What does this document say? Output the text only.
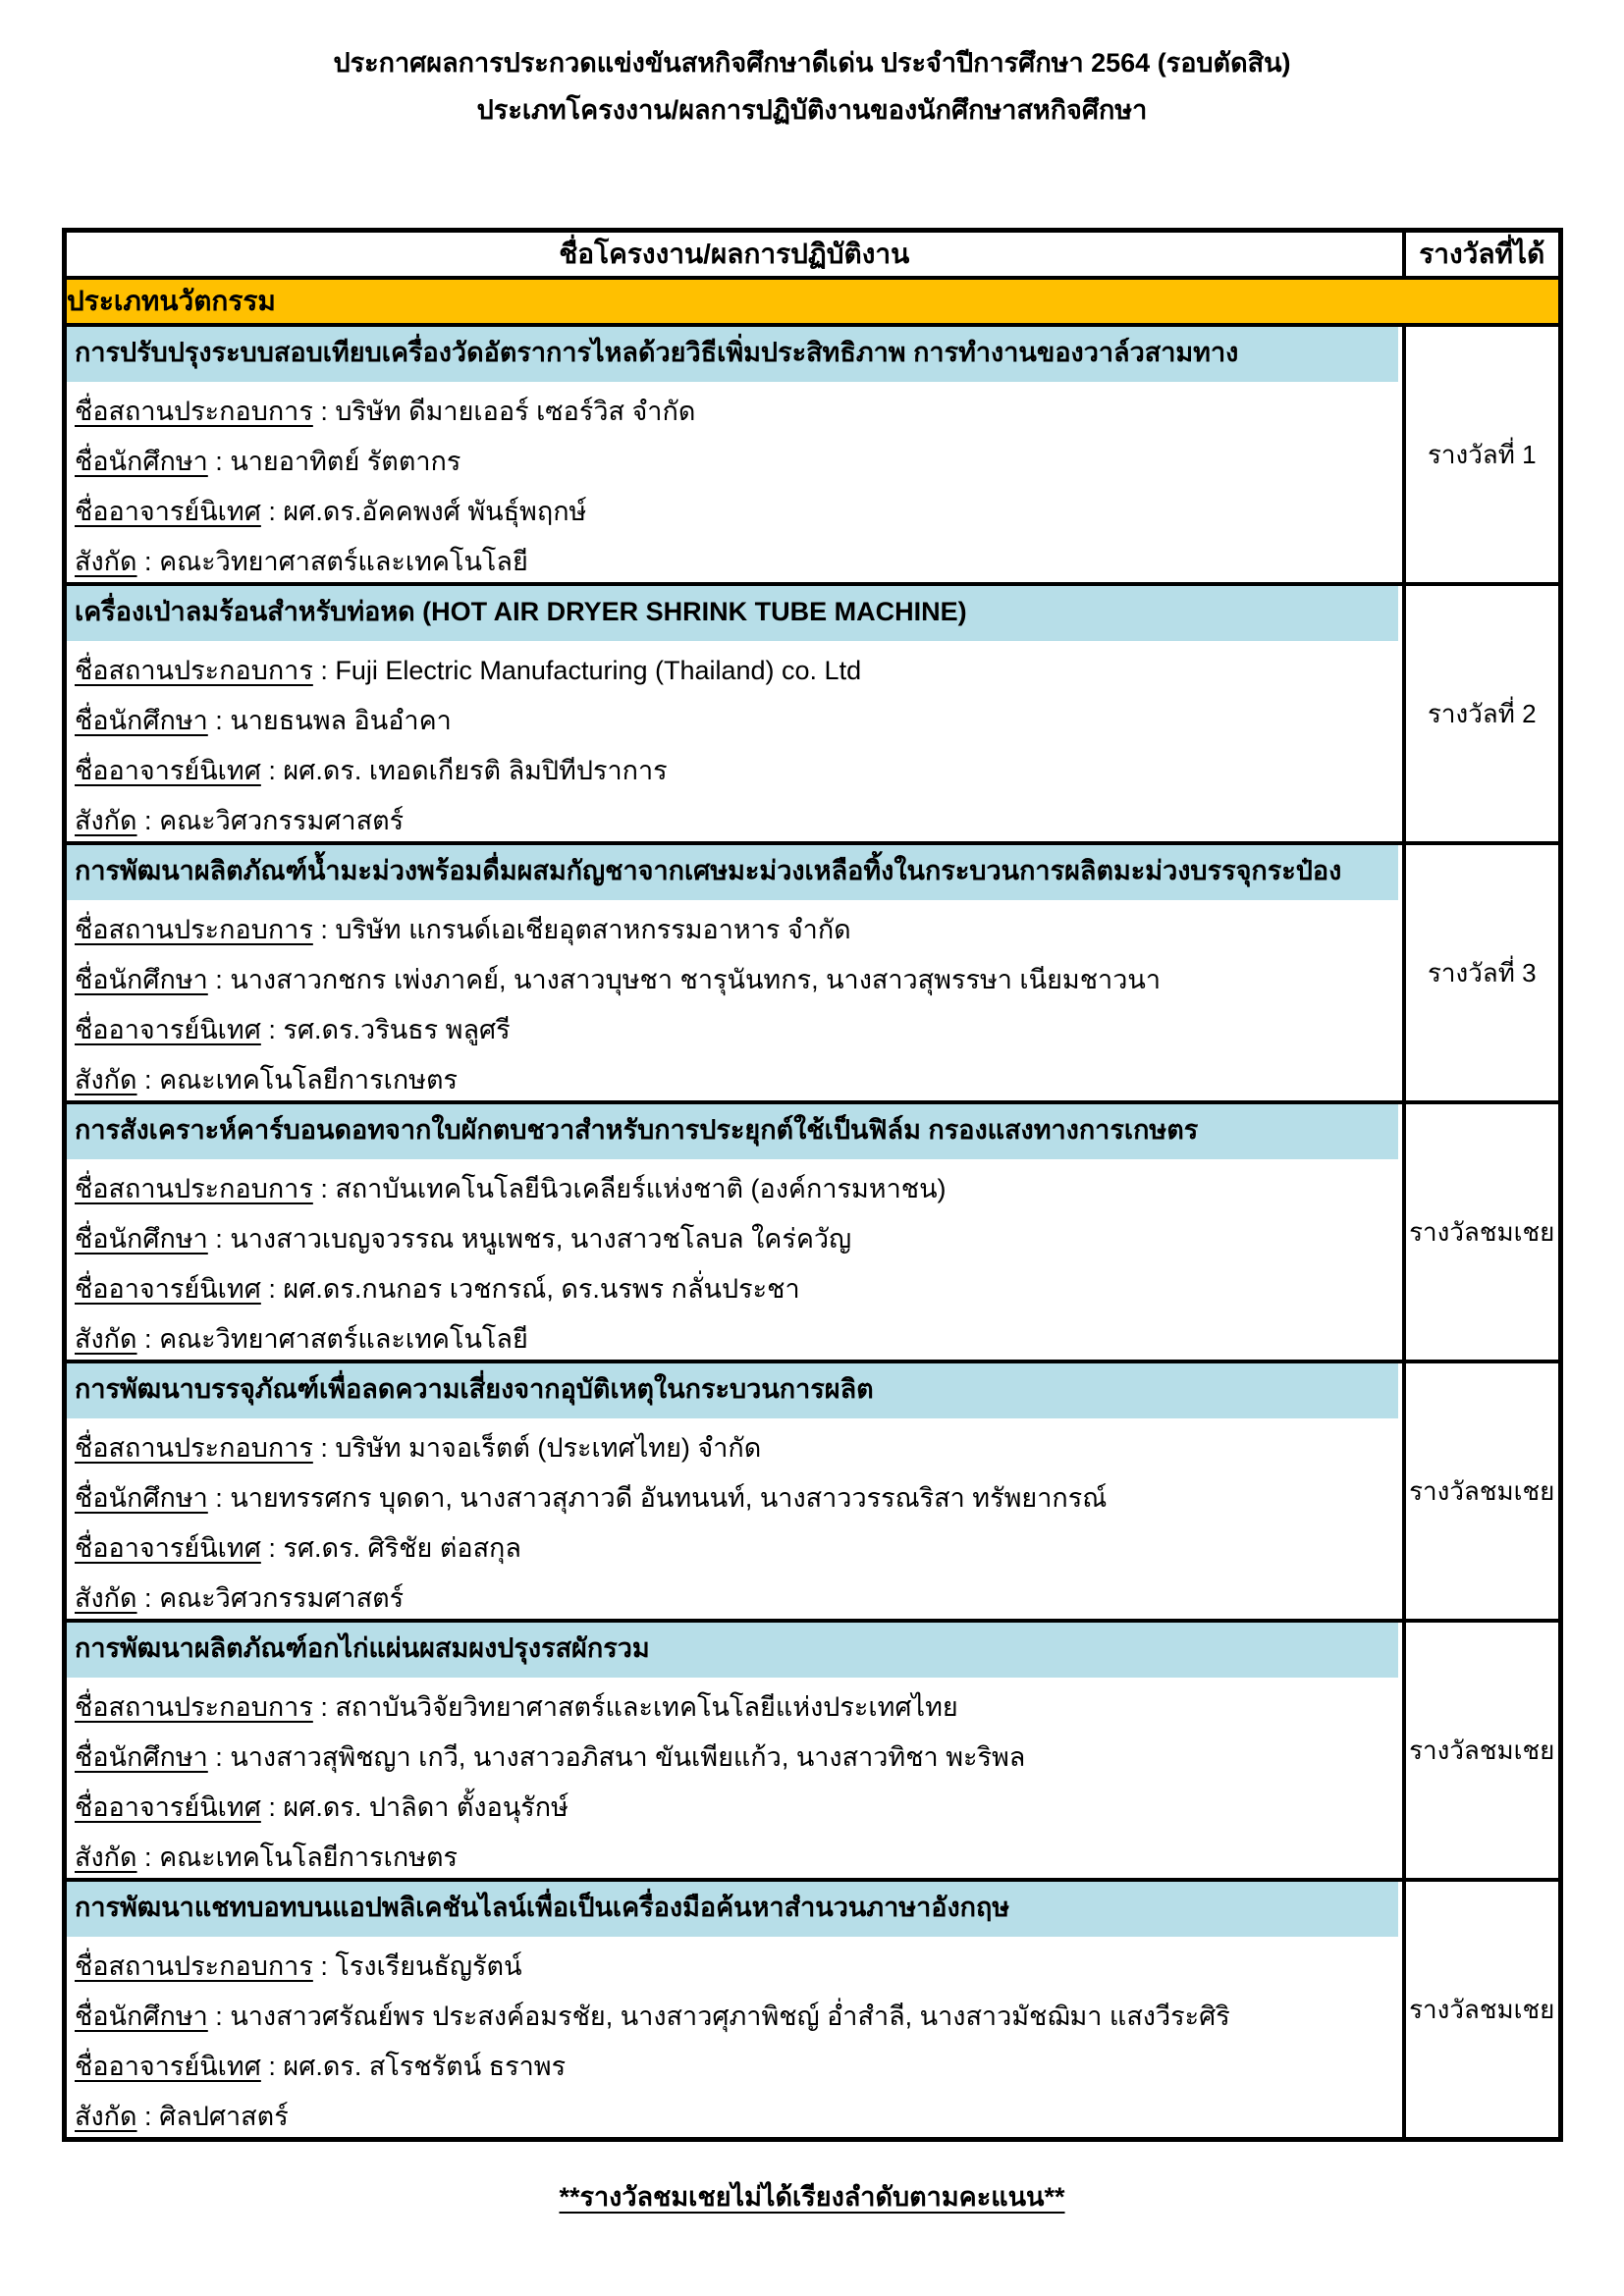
ประกาศผลการประกวดแข่งขันสหกิจศึกษาดีเด่น ประจำปีการศึกษา 2564 (รอบตัดสิน)
ประเภทโครงงาน/ผลการปฏิบัติงานของนักศึกษาสหกิจศึกษา
ชื่อโครงงาน/ผลการปฏิบัติงาน	รางวัลที่ได้
ประเภทนวัตกรรม	

การปรับปรุงระบบสอบเทียบเครื่องวัดอัตราการไหลด้วยวิธีเพิ่มประสิทธิภาพ การทำงานของวาล์วสามทาง
ชื่อสถานประกอบการ : บริษัท ดีมายเออร์ เซอร์วิส จำกัด
ชื่อนักศึกษา : นายอาทิตย์ รัตตากร
ชื่ออาจารย์นิเทศ : ผศ.ดร.อัคคพงศ์ พันธุ์พฤกษ์
สังกัด : คณะวิทยาศาสตร์และเทคโนโลยี	รางวัลที่ 1

เครื่องเป่าลมร้อนสำหรับท่อหด (HOT AIR DRYER SHRINK TUBE MACHINE)
ชื่อสถานประกอบการ : Fuji Electric Manufacturing (Thailand) co. Ltd
ชื่อนักศึกษา : นายธนพล อินอำคา
ชื่ออาจารย์นิเทศ : ผศ.ดร. เทอดเกียรติ ลิมปิทีปราการ
สังกัด : คณะวิศวกรรมศาสตร์	รางวัลที่ 2

การพัฒนาผลิตภัณฑ์น้ำมะม่วงพร้อมดื่มผสมกัญชาจากเศษมะม่วงเหลือทิ้งในกระบวนการผลิตมะม่วงบรรจุกระป๋อง
ชื่อสถานประกอบการ : บริษัท แกรนด์เอเชียอุตสาหกรรมอาหาร จำกัด
ชื่อนักศึกษา : นางสาวกชกร เพ่งภาคย์, นางสาวบุษชา ชารุนันทกร, นางสาวสุพรรษา เนียมชาวนา
ชื่ออาจารย์นิเทศ : รศ.ดร.วรินธร พลูศรี
สังกัด : คณะเทคโนโลยีการเกษตร	รางวัลที่ 3

การสังเคราะห์คาร์บอนดอทจากใบผักตบชวาสำหรับการประยุกต์ใช้เป็นฟิล์ม กรองแสงทางการเกษตร
ชื่อสถานประกอบการ : สถาบันเทคโนโลยีนิวเคลียร์แห่งชาติ (องค์การมหาชน)
ชื่อนักศึกษา : นางสาวเบญจวรรณ หนูเพชร, นางสาวชโลบล ใคร่ควัญ
ชื่ออาจารย์นิเทศ : ผศ.ดร.กนกอร เวชกรณ์, ดร.นรพร กลั่นประชา
สังกัด : คณะวิทยาศาสตร์และเทคโนโลยี	รางวัลชมเชย

การพัฒนาบรรจุภัณฑ์เพื่อลดความเสี่ยงจากอุบัติเหตุในกระบวนการผลิต
ชื่อสถานประกอบการ : บริษัท มาจอเร็ตต์ (ประเทศไทย) จำกัด
ชื่อนักศึกษา : นายทรรศกร บุดดา, นางสาวสุภาวดี อันทนนท์, นางสาววรรณริสา ทรัพยากรณ์
ชื่ออาจารย์นิเทศ : รศ.ดร. ศิริชัย ต่อสกุล
สังกัด : คณะวิศวกรรมศาสตร์	รางวัลชมเชย

การพัฒนาผลิตภัณฑ์อกไก่แผ่นผสมผงปรุงรสผักรวม
ชื่อสถานประกอบการ : สถาบันวิจัยวิทยาศาสตร์และเทคโนโลยีแห่งประเทศไทย
ชื่อนักศึกษา : นางสาวสุพิชญา เกวี, นางสาวอภิสนา ขันเพียแก้ว, นางสาวทิชา พะริพล
ชื่ออาจารย์นิเทศ : ผศ.ดร. ปาลิดา ตั้งอนุรักษ์
สังกัด : คณะเทคโนโลยีการเกษตร	รางวัลชมเชย

การพัฒนาแชทบอทบนแอปพลิเคชันไลน์เพื่อเป็นเครื่องมือค้นหาสำนวนภาษาอังกฤษ
ชื่อสถานประกอบการ : โรงเรียนธัญรัตน์
ชื่อนักศึกษา : นางสาวศรัณย์พร ประสงค์อมรชัย, นางสาวศุภาพิชญ์ อ่ำสำลี, นางสาวมัชฌิมา แสงวีระศิริ
ชื่ออาจารย์นิเทศ : ผศ.ดร. สโรชรัตน์ ธราพร
สังกัด : ศิลปศาสตร์	รางวัลชมเชย
**รางวัลชมเชยไม่ได้เรียงลำดับตามคะแนน**
